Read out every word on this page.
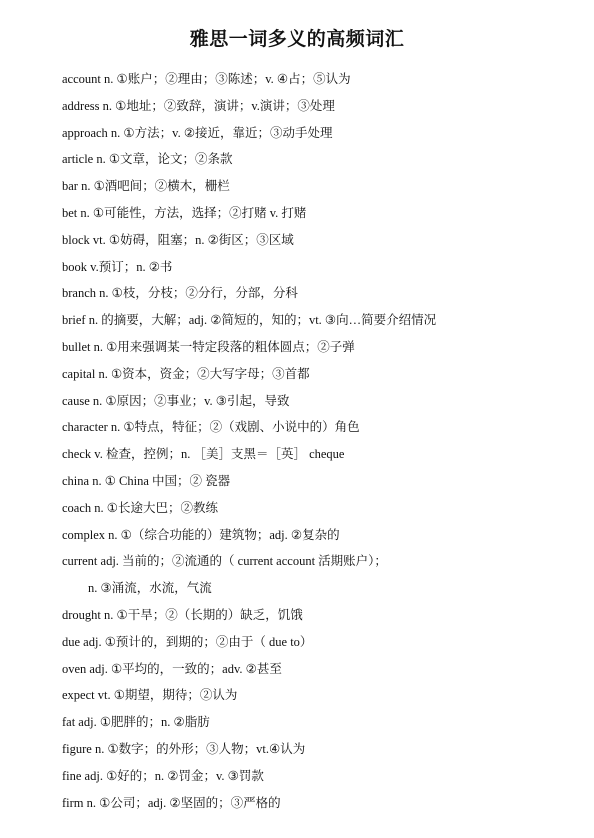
雅思一词多义的高频词汇
account n. ①账户；②理由；③陈述；v. ④占；⑤认为
address n. ①地址；②致辞，演讲；v.演讲；③处理
approach n. ①方法；v. ②接近，靠近；③动手处理
article n. ①文章，论文；②条款
bar n. ①酒吧间；②横木，栅栏
bet n. ①可能性，方法，选择；②打赌 v. 打赌
block vt. ①妨碍，阻塞；n. ②街区；③区域
book v.预订；n. ②书
branch n. ①枝，分枝；②分行，分部，分科
brief n. 的摘要，大解；adj. ②简短的，知的；vt. ③向…简要介绍情况
bullet n. ①用来强调某一特定段落的粗体圆点；②子弹
capital n. ①资本，资金；②大写字母；③首都
cause n. ①原因；②事业；v. ③引起，导致
character n. ①特点，特征；②（戏剧、小说中的）角色
check v. 检查，控例；n. ［美］支黑＝［英］ cheque
china n. ① China 中国；② 瓷器
coach n. ①长途大巴；②教练
complex n. ①（综合功能的）建筑物；adj. ②复杂的
current adj. 当前的；②流通的（ current account 活期账户）；
n. ③涌流，水流，气流
drought n. ①干旱；②（长期的）缺乏，饥饿
due adj. ①预计的，到期的；②由于（ due to）
oven adj. ①平均的，一致的；adv. ②甚至
expect vt. ①期望，期待；②认为
fat adj. ①肥胖的；n. ②脂肪
figure n. ①数字；的外形；③人物；vt.④认为
fine adj. ①好的；n. ②罚金；v. ③罚款
firm n. ①公司；adj. ②坚固的；③严格的
